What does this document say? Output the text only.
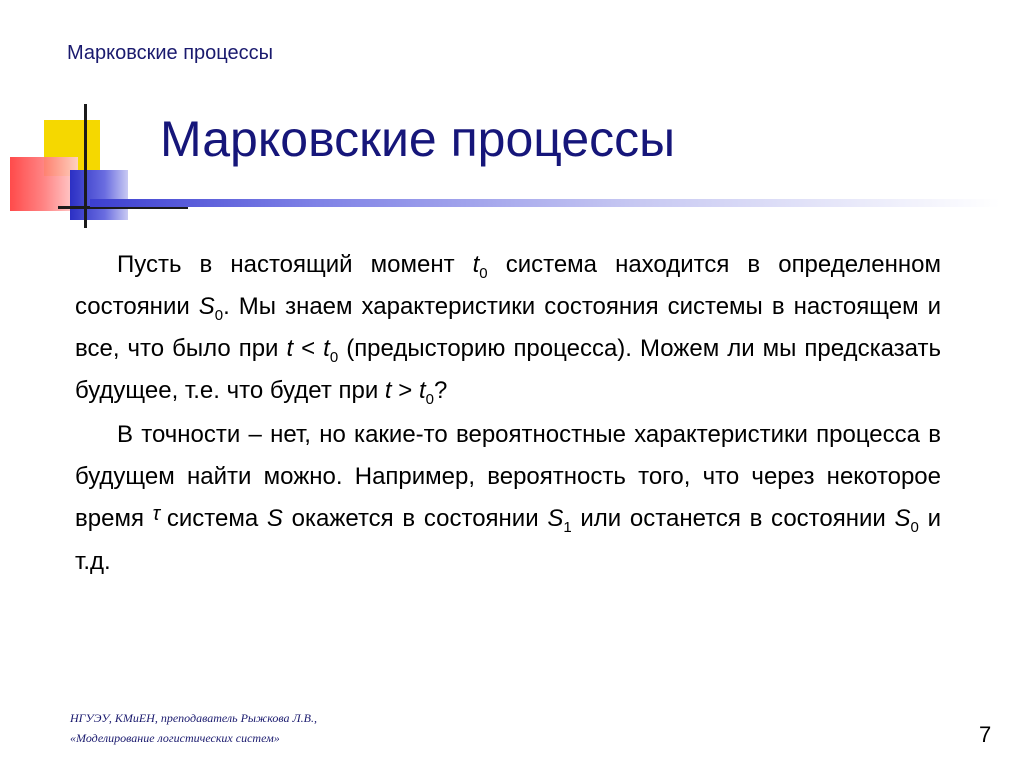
Марковские процессы
Марковские процессы

Пусть в настоящий момент $t_0$ система находится в определенном состоянии $S_0$. Мы знаем характеристики состояния системы в настоящем и все, что было при $t < t_0$ (предысторию процесса). Можем ли мы предсказать будущее, т.е. что будет при $t > t_0$?

В точности – нет, но какие-то вероятностные характеристики процесса в будущем найти можно. Например, вероятность того, что через некоторое время $^\tau$ система S окажется в состоянии $S_1$ или останется в состоянии $S_0$ и т.д.

НГУЭУ, КМиЕН, преподаватель Рыжкова Л.В.,
«Моделирование логистических систем»	7
